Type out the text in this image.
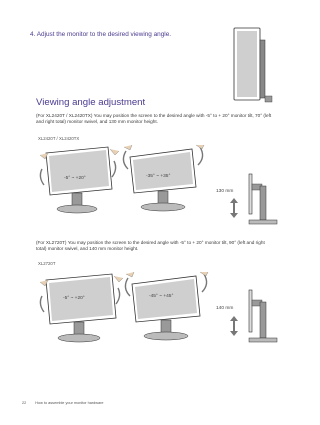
4. Adjust the monitor to the desired viewing angle.
Viewing angle adjustment
(For XL2420T / XL2420TX) You may position the screen to the desired angle with -5° to + 20° monitor tilt, 70° (left and right total) monitor swivel, and 130 mm monitor height.
XL2420T / XL2420TX
-5° ~ +20°	-35° ~ +35°
130 mm
(For XL2720T) You may position the screen to the desired angle with -5° to + 20° monitor tilt, 90° (left and right total) monitor swivel, and 140 mm monitor height.
XL2720T
-5° ~ +20°	-45° ~ +45°
140 mm
22 How to assemble your monitor hardware
